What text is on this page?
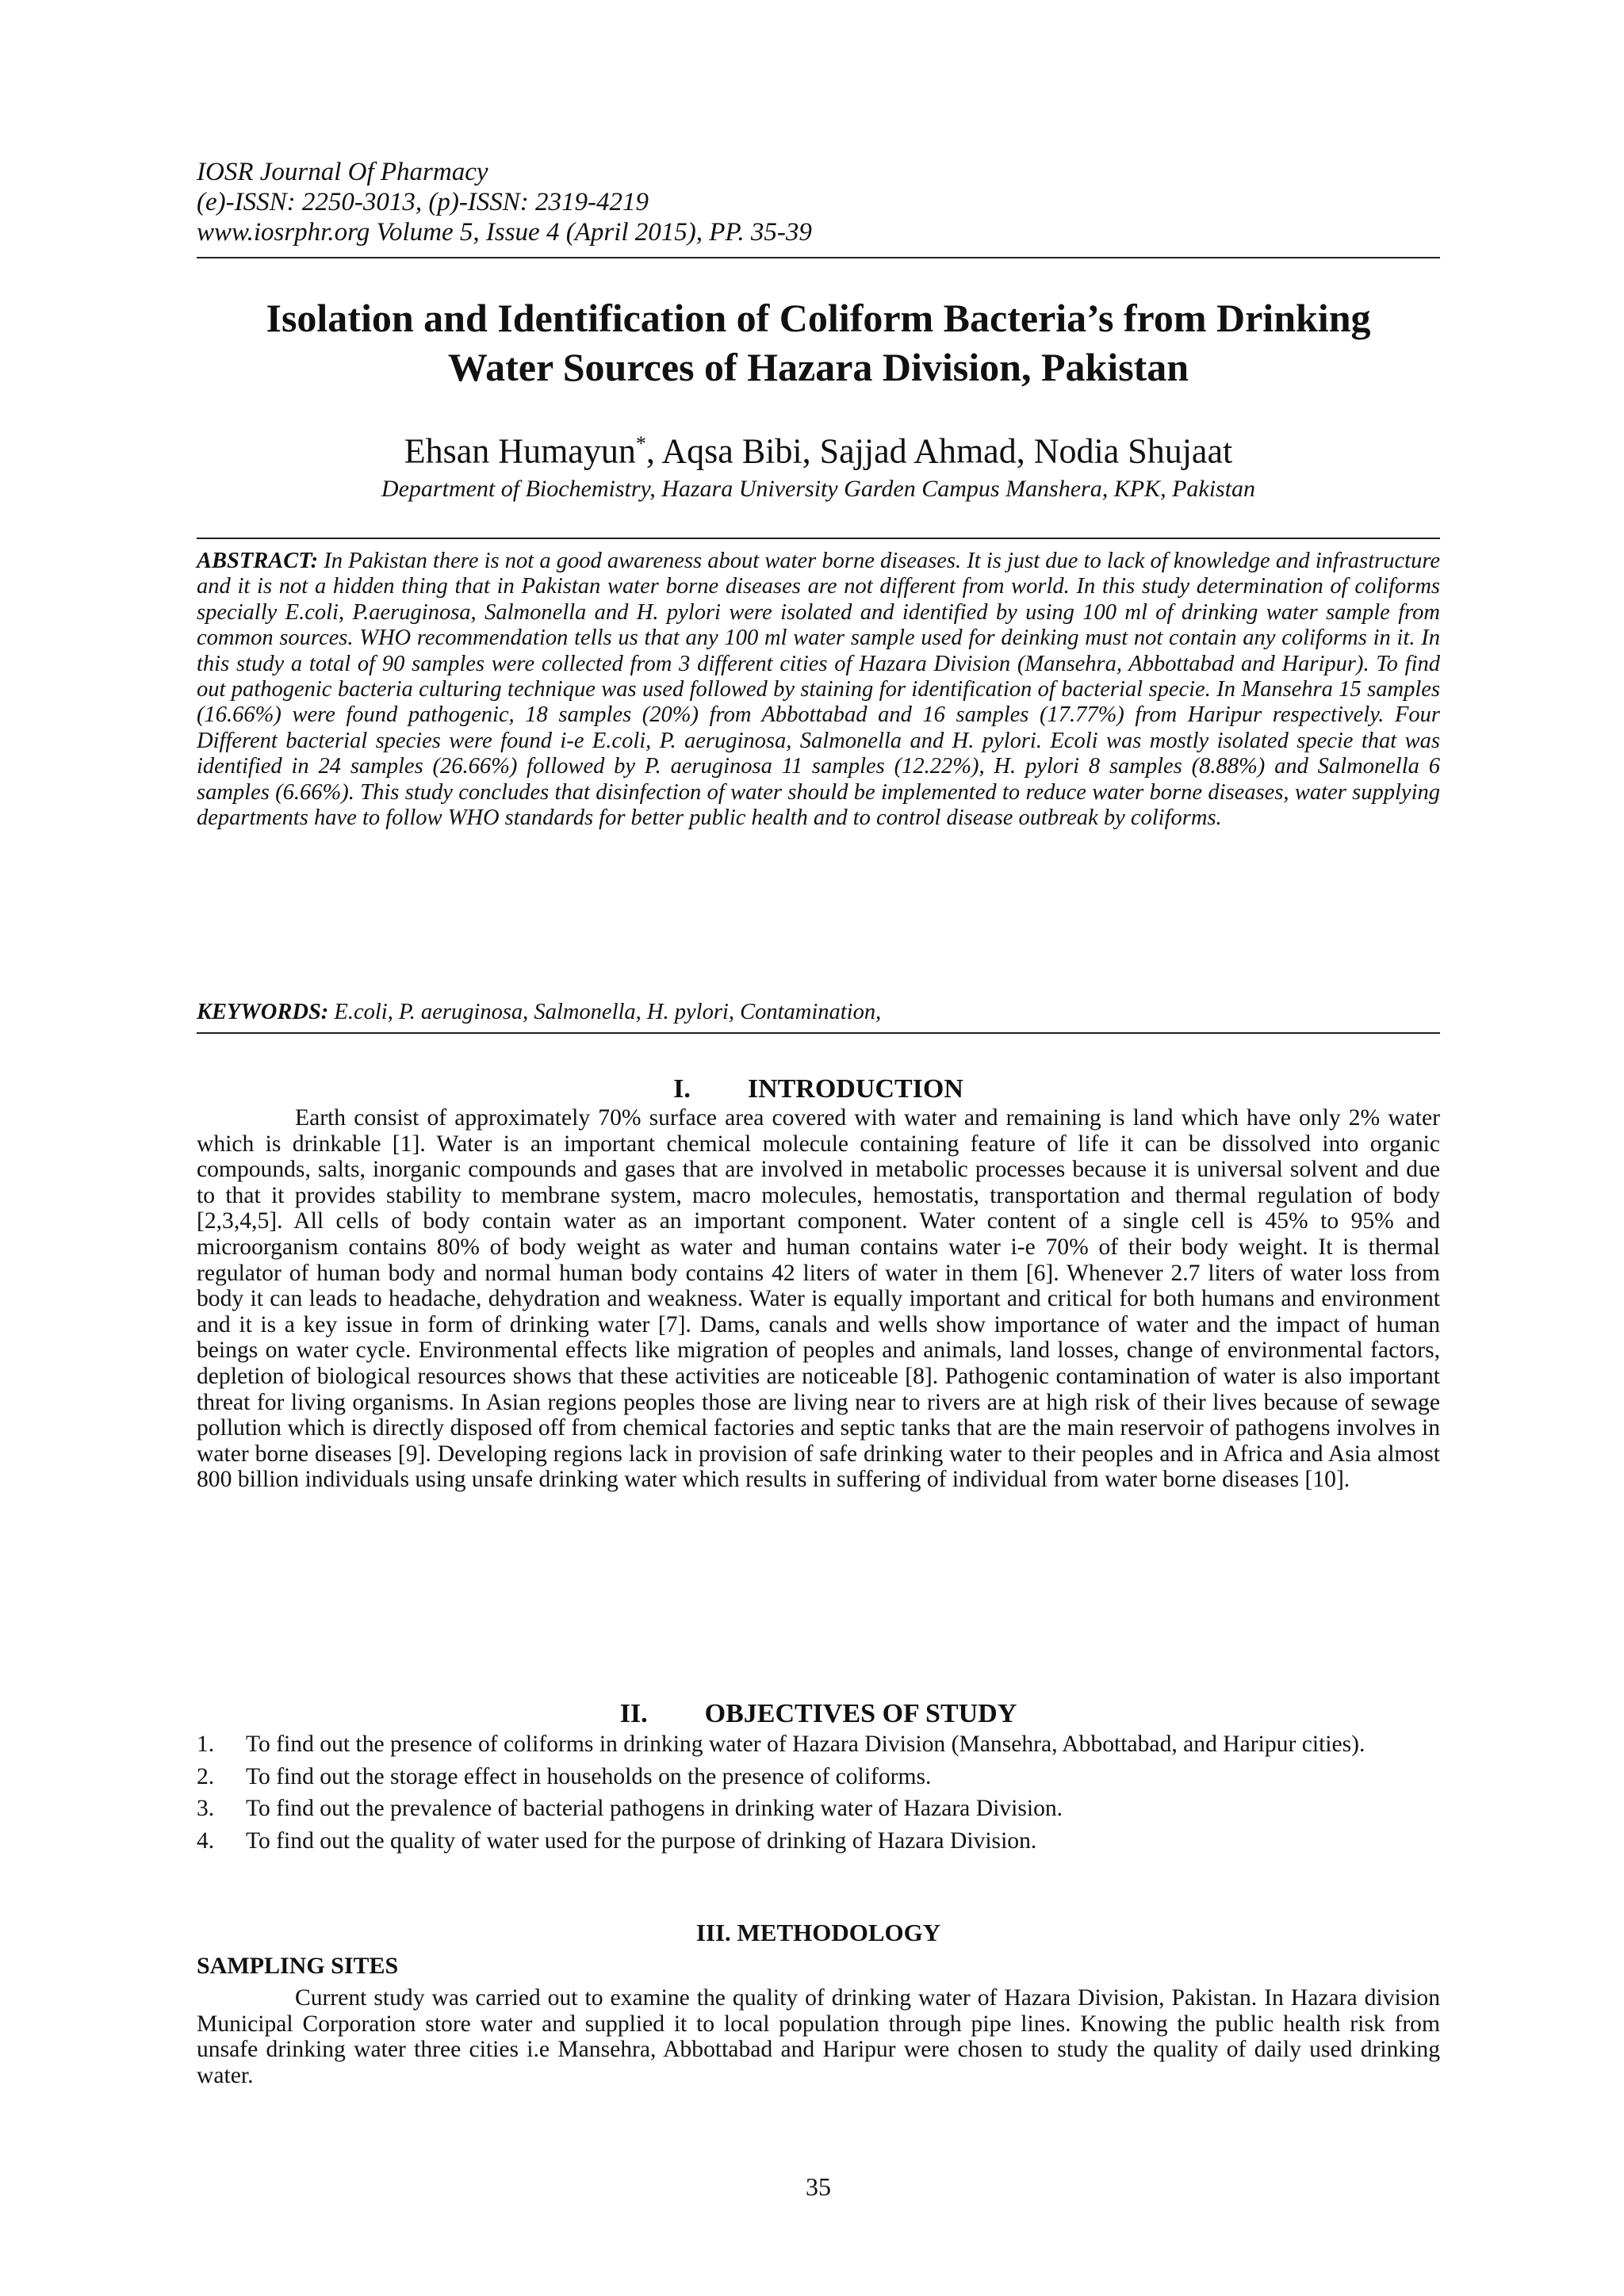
IOSR Journal Of Pharmacy
(e)-ISSN: 2250-3013, (p)-ISSN: 2319-4219
www.iosrphr.org Volume 5, Issue 4 (April 2015), PP. 35-39
Isolation and Identification of Coliform Bacteria’s from Drinking
Water Sources of Hazara Division, Pakistan
Ehsan Humayun*, Aqsa Bibi, Sajjad Ahmad, Nodia Shujaat
Department of Biochemistry, Hazara University Garden Campus Manshera, KPK, Pakistan
ABSTRACT: In Pakistan there is not a good awareness about water borne diseases. It is just due to lack of knowledge and infrastructure and it is not a hidden thing that in Pakistan water borne diseases are not different from world. In this study determination of coliforms specially E.coli, P.aeruginosa, Salmonella and H. pylori were isolated and identified by using 100 ml of drinking water sample from common sources. WHO recommendation tells us that any 100 ml water sample used for deinking must not contain any coliforms in it. In this study a total of 90 samples were collected from 3 different cities of Hazara Division (Mansehra, Abbottabad and Haripur). To find out pathogenic bacteria culturing technique was used followed by staining for identification of bacterial specie. In Mansehra 15 samples (16.66%) were found pathogenic, 18 samples (20%) from Abbottabad and 16 samples (17.77%) from Haripur respectively. Four Different bacterial species were found i-e E.coli, P. aeruginosa, Salmonella and H. pylori. Ecoli was mostly isolated specie that was identified in 24 samples (26.66%) followed by P. aeruginosa 11 samples (12.22%), H. pylori 8 samples (8.88%) and Salmonella 6 samples (6.66%). This study concludes that disinfection of water should be implemented to reduce water borne diseases, water supplying departments have to follow WHO standards for better public health and to control disease outbreak by coliforms.
KEYWORDS: E.coli, P. aeruginosa, Salmonella, H. pylori, Contamination,
I. INTRODUCTION
Earth consist of approximately 70% surface area covered with water and remaining is land which have only 2% water which is drinkable [1]. Water is an important chemical molecule containing feature of life it can be dissolved into organic compounds, salts, inorganic compounds and gases that are involved in metabolic processes because it is universal solvent and due to that it provides stability to membrane system, macro molecules, hemostatis, transportation and thermal regulation of body [2,3,4,5]. All cells of body contain water as an important component. Water content of a single cell is 45% to 95% and microorganism contains 80% of body weight as water and human contains water i-e 70% of their body weight. It is thermal regulator of human body and normal human body contains 42 liters of water in them [6]. Whenever 2.7 liters of water loss from body it can leads to headache, dehydration and weakness. Water is equally important and critical for both humans and environment and it is a key issue in form of drinking water [7]. Dams, canals and wells show importance of water and the impact of human beings on water cycle. Environmental effects like migration of peoples and animals, land losses, change of environmental factors, depletion of biological resources shows that these activities are noticeable [8]. Pathogenic contamination of water is also important threat for living organisms. In Asian regions peoples those are living near to rivers are at high risk of their lives because of sewage pollution which is directly disposed off from chemical factories and septic tanks that are the main reservoir of pathogens involves in water borne diseases [9]. Developing regions lack in provision of safe drinking water to their peoples and in Africa and Asia almost 800 billion individuals using unsafe drinking water which results in suffering of individual from water borne diseases [10].
II. OBJECTIVES OF STUDY
1. To find out the presence of coliforms in drinking water of Hazara Division (Mansehra, Abbottabad, and Haripur cities).
2. To find out the storage effect in households on the presence of coliforms.
3. To find out the prevalence of bacterial pathogens in drinking water of Hazara Division.
4. To find out the quality of water used for the purpose of drinking of Hazara Division.
III. METHODOLOGY
SAMPLING SITES
Current study was carried out to examine the quality of drinking water of Hazara Division, Pakistan. In Hazara division Municipal Corporation store water and supplied it to local population through pipe lines. Knowing the public health risk from unsafe drinking water three cities i.e Mansehra, Abbottabad and Haripur were chosen to study the quality of daily used drinking water.
35
